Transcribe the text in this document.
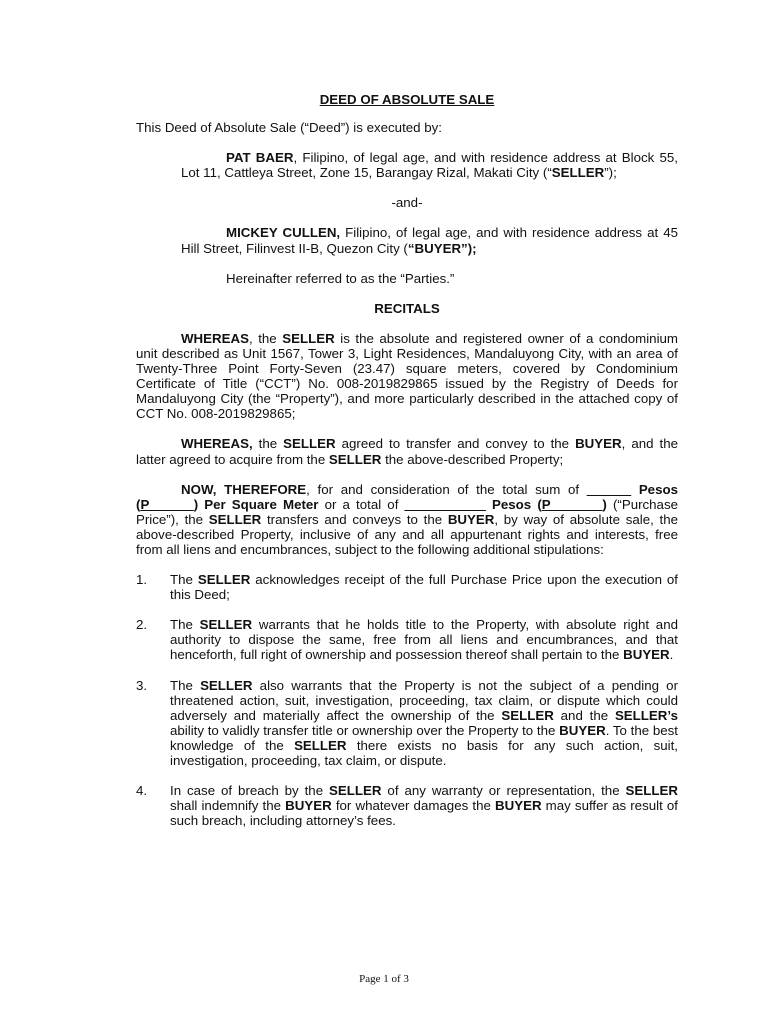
DEED OF ABSOLUTE SALE

This Deed of Absolute Sale (“Deed”) is executed by:

PAT BAER, Filipino, of legal age, and with residence address at Block 55, Lot 11, Cattleya Street, Zone 15, Barangay Rizal, Makati City (“SELLER”);

-and-

MICKEY CULLEN, Filipino, of legal age, and with residence address at 45 Hill Street, Filinvest II-B, Quezon City (“BUYER”);

Hereinafter referred to as the “Parties.”

RECITALS

WHEREAS, the SELLER is the absolute and registered owner of a condominium unit described as Unit 1567, Tower 3, Light Residences, Mandaluyong City, with an area of Twenty-Three Point Forty-Seven (23.47) square meters, covered by Condominium Certificate of Title (“CCT”) No. 008-2019829865 issued by the Registry of Deeds for Mandaluyong City (the “Property”), and more particularly described in the attached copy of CCT No. 008-2019829865;

WHEREAS, the SELLER agreed to transfer and convey to the BUYER, and the latter agreed to acquire from the SELLER the above-described Property;

NOW, THEREFORE, for and consideration of the total sum of ______ Pesos (P______) Per Square Meter or a total of ___________ Pesos (P_______) (“Purchase Price”), the SELLER transfers and conveys to the BUYER, by way of absolute sale, the above-described Property, inclusive of any and all appurtenant rights and interests, free from all liens and encumbrances, subject to the following additional stipulations:

1. The SELLER acknowledges receipt of the full Purchase Price upon the execution of this Deed;
2. The SELLER warrants that he holds title to the Property, with absolute right and authority to dispose the same, free from all liens and encumbrances, and that henceforth, full right of ownership and possession thereof shall pertain to the BUYER.
3. The SELLER also warrants that the Property is not the subject of a pending or threatened action, suit, investigation, proceeding, tax claim, or dispute which could adversely and materially affect the ownership of the SELLER and the SELLER’s ability to validly transfer title or ownership over the Property to the BUYER. To the best knowledge of the SELLER there exists no basis for any such action, suit, investigation, proceeding, tax claim, or dispute.
4. In case of breach by the SELLER of any warranty or representation, the SELLER shall indemnify the BUYER for whatever damages the BUYER may suffer as result of such breach, including attorney’s fees.
Page 1 of 3
